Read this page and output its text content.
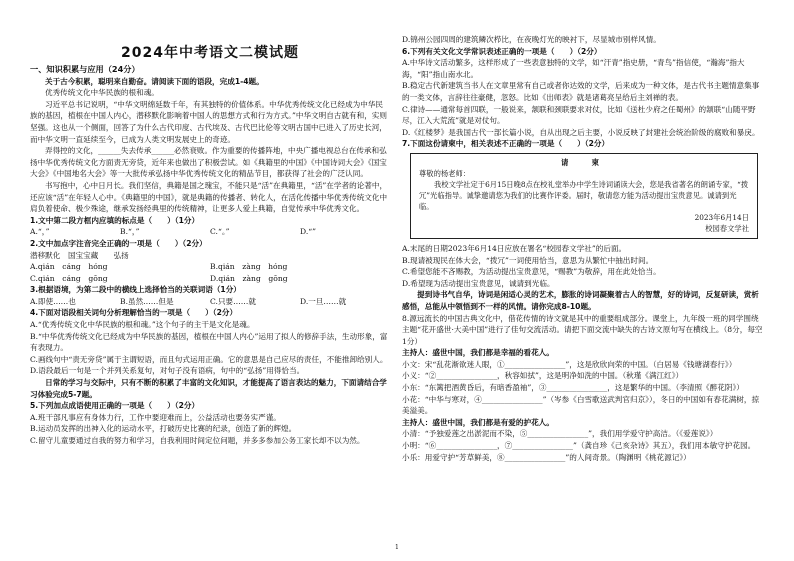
2024年中考语文二模试题

一、知识积累与应用（24分）

关于古今积累，聪明来自勤奋。请阅读下面的语段，完成1-4题。

优秀传统文化中华民族的根和魂。

习近平总书记说明，“中华文明绵延数千年，有其独特的价值体系。中华优秀传统文化已经成为中华民族的基因，植根在中国人内心，潜移默化影响着中国人的思想方式和行为方式。”中华文明自古就有和，实则坚强。这也从一个侧面，回答了为什么古代印度、古代埃及、古代巴比伦等文明古国中已进入了历史长河，而中华文明一直延续至今，已成为人类文明发展史上的奇迹。

弄得控的文化，______失去传承______必然衰败。作为重要的传播阵地，中央广播电视总台在传承和弘扬中华优秀传统文化方面责无旁贷，近年来也做出了积极尝试。如《典籍里的中国》《中国诗词大会》《国宝大会》《中国地名大会》等一大批传承弘扬中华优秀传统文化的精品节目，都获得了社会的广泛认同。

书写抱中，心中日月长。我们坚信，典籍是国之瑰宝，不能只是“活”在典籍里，“活”在学者的论著中，还应该“活”在年轻人心中。《典籍里的中国》，就是典籍的传播者、转化人，在活化传播中华优秀传统文化中肩负着使命、极少殊途，继承发扬经典里的传统精神，让更多人爱上典籍，自觉传承中华优秀文化。

1.文中第二段方框内应填的标点是（　　）（1分）

A.“，”	B.“，”	C.“。”	D.“”

2.文中加点字注音完全正确的一项是（　　）（2分）

潜移默化　国宝宝藏　　弘扬

A.qián　cáng　hóng	B.qián　zàng　hóng
C.qián　cáng　gōng	D.qián　zàng　gōng

3.根据语境，为第二段中的横线上选择恰当的关联词语（1分）

A.即使……也	B.虽然……但是	C.只要……就	D.一旦……就

4.下面对语段相关词句分析理解恰当的一项是（　　）（2分）

A.“优秀传统文化中华民族的根和魂。”这个句子的主干是文化是魂。

B.“中华优秀传统文化已经成为中华民族的基因，植根在中国人内心”运用了拟人的修辞手法，生动形象，富有表现力。

C.画线句中“责无旁贷”属于主谓短语，而且句式运用正确。它的意思是自己应尽的责任，不能推卸给别人。

D.语段最后一句是一个并列关系复句，对句子没有语病，句中的“弘扬”用得恰当。

　　日常的学习与交际中，只有不断的积累了丰富的文化知识，才能提高了语言表达的魅力，下面请结合学习体验完成5-7题。

5.下列加点成语使用正确的一项是（　　）（2分）

A.班干部凡事应有身体力行，工作中要迎难而上，公益活动也要务实严谨。

B.运动员发挥的出神入化的运动水平，打破历史比赛的纪录，创造了新的辉煌。

C.留守儿童要通过自我的努力和学习，自我利用时间定位问题，并多多参加公务工家长却不以为然。

D.锦州公园四周的建筑鳞次栉比，在夜晚灯光的映衬下，尽显城市别样风情。

6.下列有关文化文学常识表述正确的一项是（　　）（2分）

A.中华诗文活动繁多，这样形成了一些表意独特的文学，如“汗青”指史册，“青鸟”指信使，“瀚海”指大海，“阳”指山南水北。

B.稳定古代新建筑当书人在文章里常有自己或者你达效的文学，后来成为一种文体，是古代书主题情意集事的一类文体，言辞往往豪健，忽怒。比如《出师表》就是诸葛亮呈给后主刘禅的表。

C.律诗——通常每首四联，一般说来，颔联和颈联要求对仗，比如《送杜少府之任蜀州》的颔联“山随平野尽，江入大荒流”就是对仗句。

D.《红楼梦》是我国古代一部长篇小说，自从出现之后主要，小说反映了封建社会统治阶级的腐败和暴戾。

7.下面这份请柬中，相关表述不正确的一项是（　　）（2分）

请　柬
尊敬的杨老师：
我校文学社定于6月15日晚8点在校礼堂举办中学生诗词诵读大会，您是我省著名的朗诵专家，“拨冗”光临指导。诚挚邀请您为我们的比赛作评委。届时，敬请您方能为活动提出宝贵意见。诚请到光临。
2023年6月14日
校园春文学社

A.末尾的日期2023年6月14日应放在署名“校园春文学社”的后面。

B.现请被现民在体大会，“拨冗”一词使用恰当，意思为从繁忙中抽出时间。

C.希望您能不吝赐教，为活动提出宝贵意见，“赐教”为敬辞，用在此处恰当。

D.希望现为活动提出宝贵意见，诚请到光临。

　　提到诗书气自华，诗词是闲适心灵的艺术，膨胀的诗词凝聚着古人的智慧，好的诗词，反复研读，赏析感悟，总能从中领悟到不一样的风情。请你完成8-10题。

8.源远流长的中国古典文化中，借花传情的诗文就是其中的重要组成部分。课堂上，九年级一班的同学围绕主题“花开盛世·大美中国”进行了佳句交流活动。请把下面交流中缺失的古诗文原句写在横线上。（8分，每空1分）

主持人：盛世中国，我们都是幸福的看花人。

小文：宋“乱花渐欲迷人眼，①________________”，这是欣欣向荣的中国。（白居易《钱塘湖春行》）

小义：“②________________，秋容如拭”，这是明净如洗的中国。（秋瑾《满江红》）

小东：“东篱把酒黄昏后，有暗香盈袖”，③________________，这是繁华的中国。（李清照《醉花阴》）

小花：“中华与寒对，④________________”（岑参《白雪歌送武判官归京》），冬日的中国如有春花满树，掠美溢美。

主持人：盛世中国，我们都是有爱的护花人。

小清：“予独爱莲之出淤泥而不染，⑤________________”，我们用学爱守护高洁。（《爱莲说》）

小明：“⑥________________，⑦________________”（龚自珍《己亥杂诗》其五），我们用本敏守护花园。

小乐：用爱守护“芳草鲜美，⑧________________”的人间奇景。（陶渊明《桃花源记》）

1
